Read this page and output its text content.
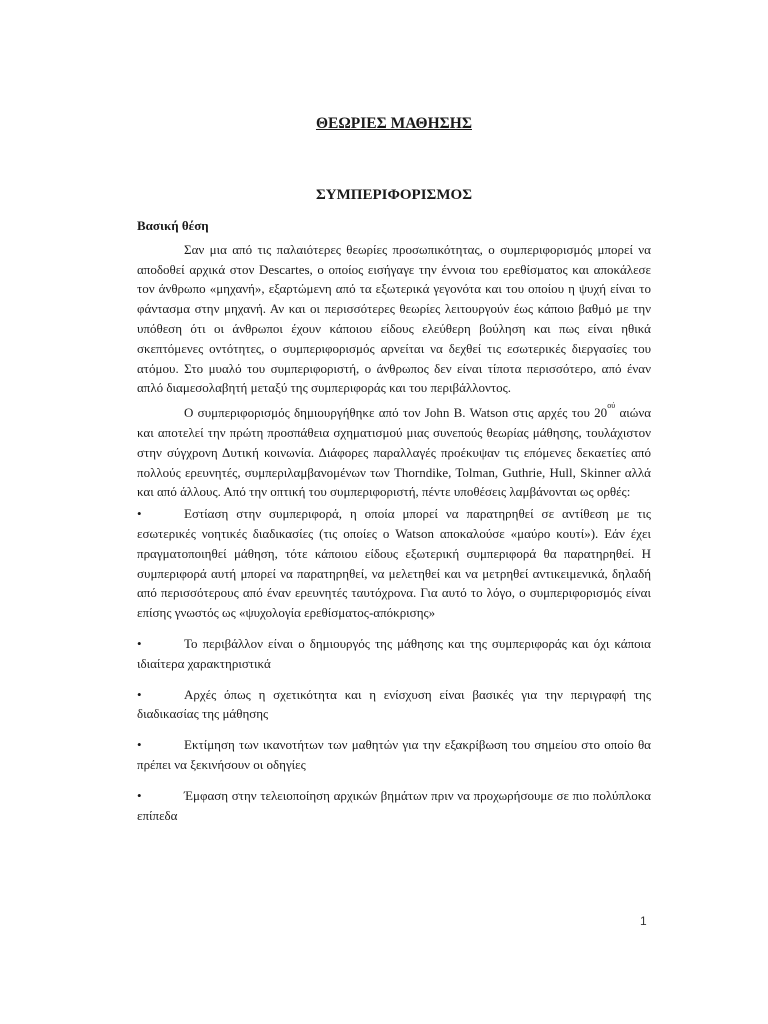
ΘΕΩΡΙΕΣ ΜΑΘΗΣΗΣ
ΣΥΜΠΕΡΙΦΟΡΙΣΜΟΣ
Βασική θέση

Σαν μια από τις παλαιότερες θεωρίες προσωπικότητας, ο συμπεριφορισμός μπορεί να αποδοθεί αρχικά στον Descartes, ο οποίος εισήγαγε την έννοια του ερεθίσματος και αποκάλεσε τον άνθρωπο «μηχανή», εξαρτώμενη από τα εξωτερικά γεγονότα και του οποίου η ψυχή είναι το φάντασμα στην μηχανή. Αν και οι περισσότερες θεωρίες λειτουργούν έως κάποιο βαθμό με την υπόθεση ότι οι άνθρωποι έχουν κάποιου είδους ελεύθερη βούληση και πως είναι ηθικά σκεπτόμενες οντότητες, ο συμπεριφορισμός αρνείται να δεχθεί τις εσωτερικές διεργασίες του ατόμου. Στο μυαλό του συμπεριφοριστή, ο άνθρωπος δεν είναι τίποτα περισσότερο, από έναν απλό διαμεσολαβητή μεταξύ της συμπεριφοράς και του περιβάλλοντος.

Ο συμπεριφορισμός δημιουργήθηκε από τον John B. Watson στις αρχές του $20^{oύ}$ αιώνα και αποτελεί την πρώτη προσπάθεια σχηματισμού μιας συνεπούς θεωρίας μάθησης, τουλάχιστον στην σύγχρονη Δυτική κοινωνία. Διάφορες παραλλαγές προέκυψαν τις επόμενες δεκαετίες από πολλούς ερευνητές, συμπεριλαμβανομένων των Thorndike, Tolman, Guthrie, Hull, Skinner αλλά και από άλλους. Από την οπτική του συμπεριφοριστή, πέντε υποθέσεις λαμβάνονται ως ορθές:

•	Εστίαση στην συμπεριφορά, η οποία μπορεί να παρατηρηθεί σε αντίθεση με τις εσωτερικές νοητικές διαδικασίες (τις οποίες ο Watson αποκαλούσε «μαύρο κουτί»). Εάν έχει πραγματοποιηθεί μάθηση, τότε κάποιου είδους εξωτερική συμπεριφορά θα παρατηρηθεί. Η συμπεριφορά αυτή μπορεί να παρατηρηθεί, να μελετηθεί και να μετρηθεί αντικειμενικά, δηλαδή από περισσότερους από έναν ερευνητές ταυτόχρονα. Για αυτό το λόγο, ο συμπεριφορισμός είναι επίσης γνωστός ως «ψυχολογία ερεθίσματος-απόκρισης»
•	Το περιβάλλον είναι ο δημιουργός της μάθησης και της συμπεριφοράς και όχι κάποια ιδιαίτερα χαρακτηριστικά
•	Αρχές όπως η σχετικότητα και η ενίσχυση είναι βασικές για την περιγραφή της διαδικασίας της μάθησης
•	Εκτίμηση των ικανοτήτων των μαθητών για την εξακρίβωση του σημείου στο οποίο θα πρέπει να ξεκινήσουν οι οδηγίες
•	Έμφαση στην τελειοποίηση αρχικών βημάτων πριν να προχωρήσουμε σε πιο πολύπλοκα επίπεδα
1
